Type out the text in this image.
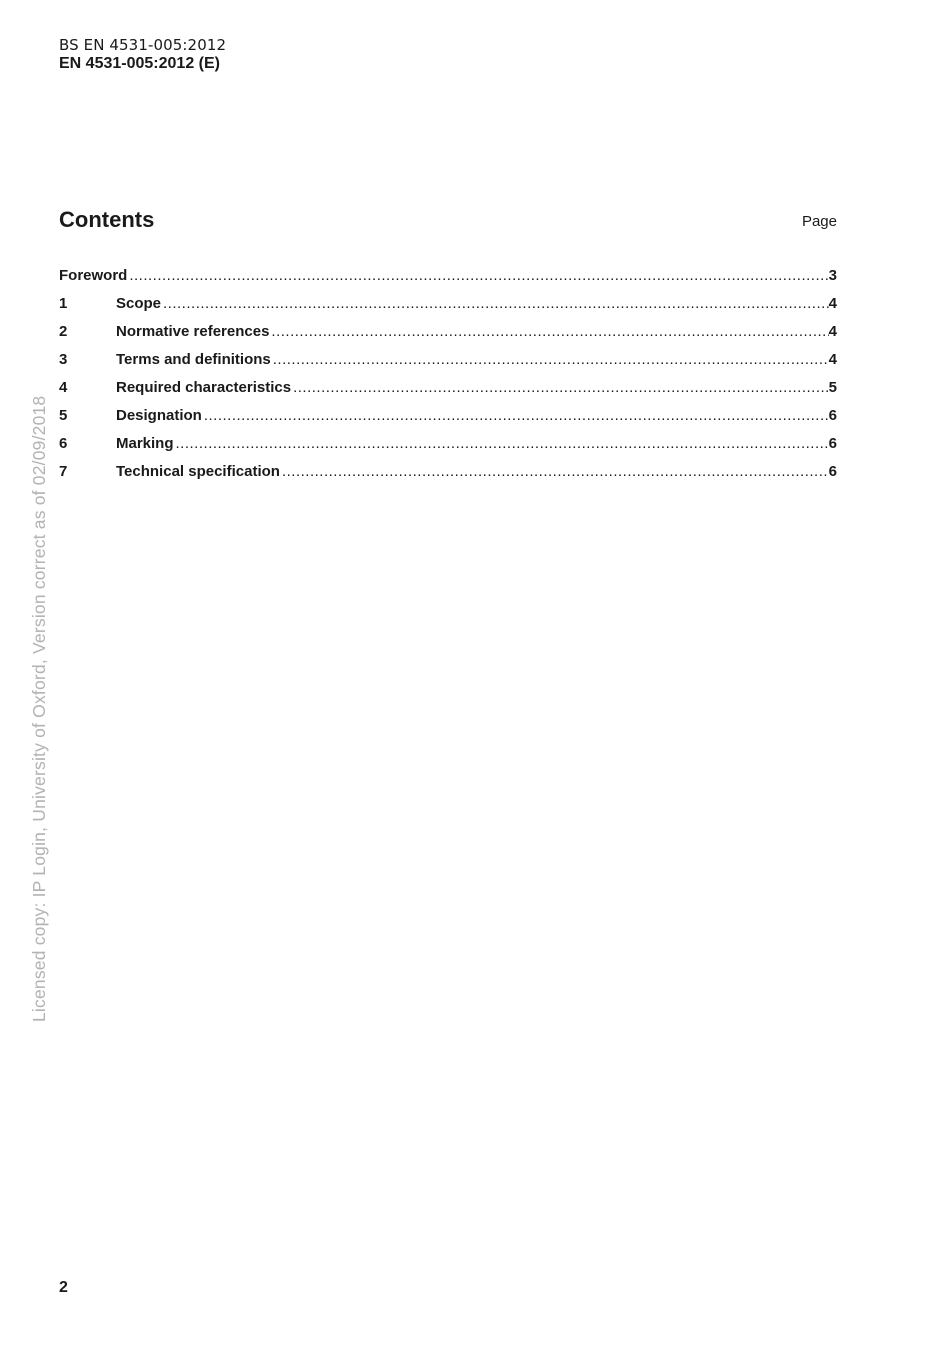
BS EN 4531-005:2012
EN 4531-005:2012 (E)
Contents	Page
Foreword .....	3
1	Scope .....	4
2	Normative references .....	4
3	Terms and definitions .....	4
4	Required characteristics .....	5
5	Designation .....	6
6	Marking .....	6
7	Technical specification .....	6
Licensed copy: IP Login, University of Oxford, Version correct as of 02/09/2018
2
